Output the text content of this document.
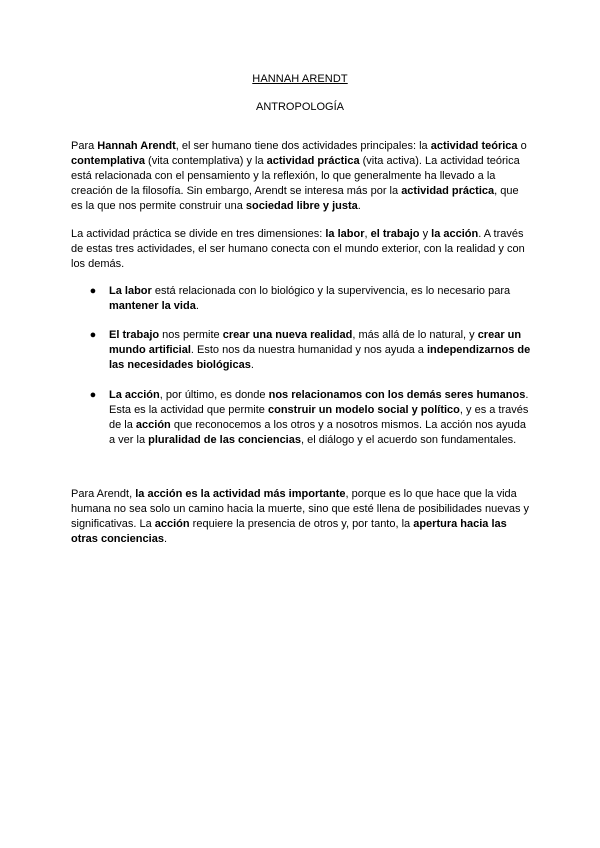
HANNAH ARENDT
ANTROPOLOGÍA

Para Hannah Arendt, el ser humano tiene dos actividades principales: la actividad teórica o contemplativa (vita contemplativa) y la actividad práctica (vita activa). La actividad teórica está relacionada con el pensamiento y la reflexión, lo que generalmente ha llevado a la creación de la filosofía. Sin embargo, Arendt se interesa más por la actividad práctica, que es la que nos permite construir una sociedad libre y justa.

La actividad práctica se divide en tres dimensiones: la labor, el trabajo y la acción. A través de estas tres actividades, el ser humano conecta con el mundo exterior, con la realidad y con los demás.

● La labor está relacionada con lo biológico y la supervivencia, es lo necesario para mantener la vida.
● El trabajo nos permite crear una nueva realidad, más allá de lo natural, y crear un mundo artificial. Esto nos da nuestra humanidad y nos ayuda a independizarnos de las necesidades biológicas.
● La acción, por último, es donde nos relacionamos con los demás seres humanos. Esta es la actividad que permite construir un modelo social y político, y es a través de la acción que reconocemos a los otros y a nosotros mismos. La acción nos ayuda a ver la pluralidad de las conciencias, el diálogo y el acuerdo son fundamentales.

Para Arendt, la acción es la actividad más importante, porque es lo que hace que la vida humana no sea solo un camino hacia la muerte, sino que esté llena de posibilidades nuevas y significativas. La acción requiere la presencia de otros y, por tanto, la apertura hacia las otras conciencias.
